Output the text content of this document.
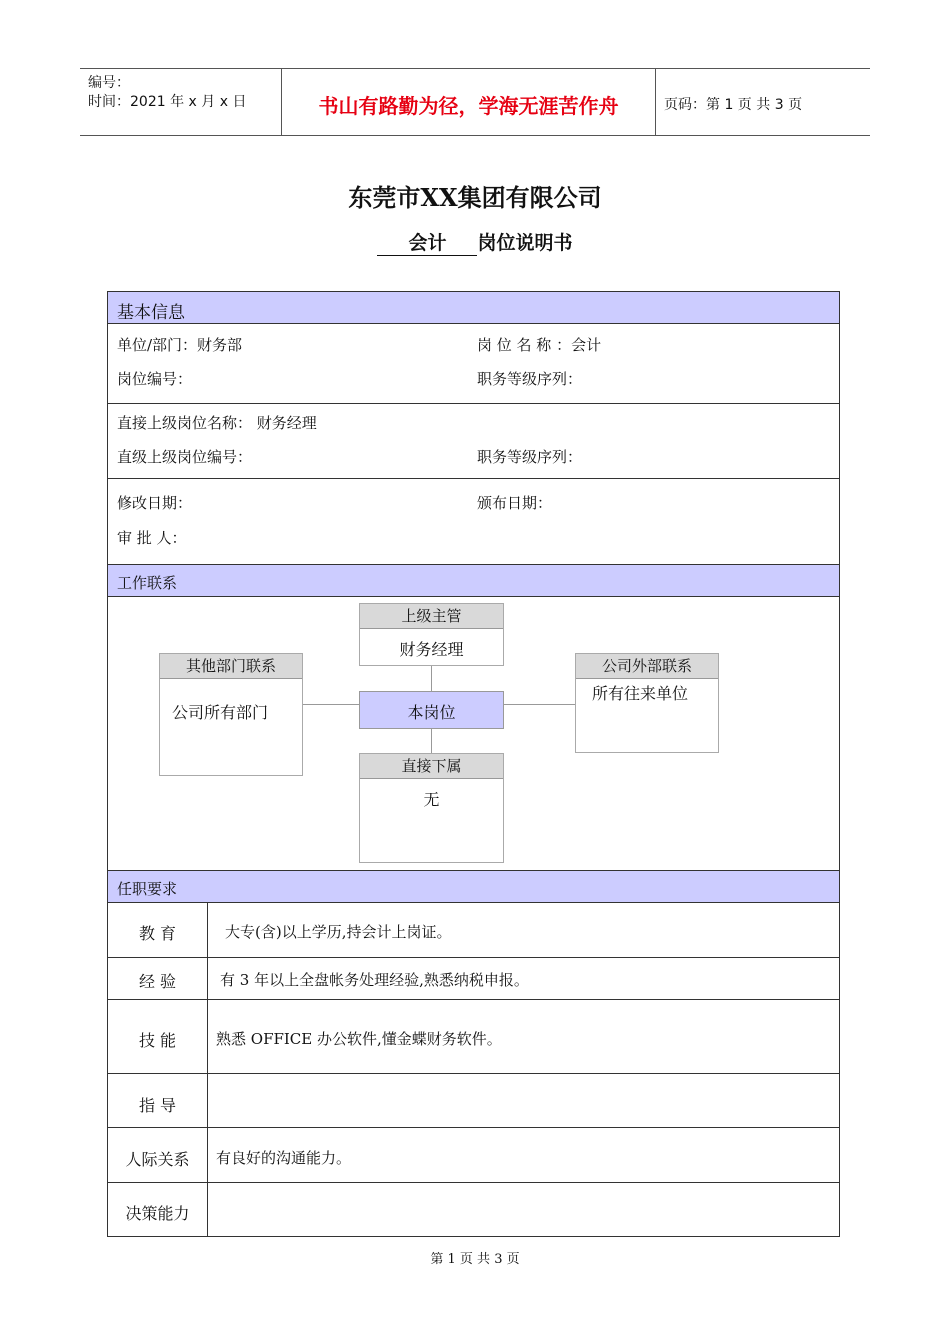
编号：
时间：2021 年 x 月 x 日	书山有路勤为径，学海无涯苦作舟	页码：第 1 页 共 3 页
东莞市XX集团有限公司
会计 岗位说明书
基本信息
单位/部门：财务部	岗 位 名 称 ：会计
岗位编号：	职务等级序列：
直接上级岗位名称： 财务经理
直级上级岗位编号：	职务等级序列：
修改日期：	颁布日期：
审 批 人：
工作联系
上级主管
财务经理
其他部门联系
公司所有部门	本岗位
公司外部联系
所有往来单位
直接下属
无
任职要求
教 育	大专(含)以上学历,持会计上岗证。
经 验	有 3 年以上全盘帐务处理经验,熟悉纳税申报。
技 能	熟悉 OFFICE 办公软件,懂金蝶财务软件。
指 导
人际关系	有良好的沟通能力。
决策能力
第 1 页 共 3 页
